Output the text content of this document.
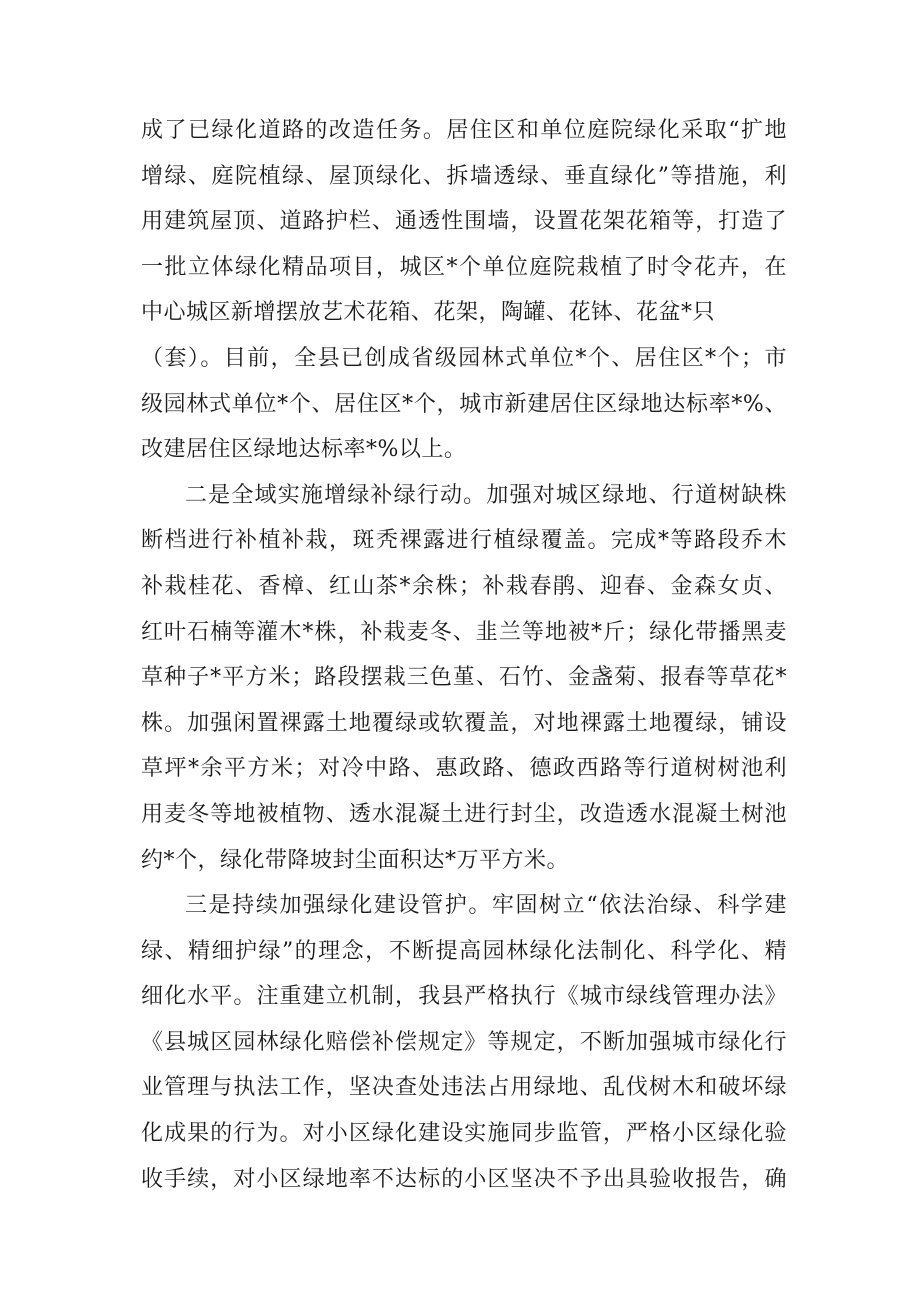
成了已绿化道路的改造任务。居住区和单位庭院绿化采取“扩地
增绿、庭院植绿、屋顶绿化、拆墙透绿、垂直绿化”等措施，利
用建筑屋顶、道路护栏、通透性围墙，设置花架花箱等，打造了
一批立体绿化精品项目，城区*个单位庭院栽植了时令花卉，在
中心城区新增摆放艺术花箱、花架，陶罐、花钵、花盆*只
（套）。目前，全县已创成省级园林式单位*个、居住区*个；市
级园林式单位*个、居住区*个，城市新建居住区绿地达标率*%、
改建居住区绿地达标率*%以上。
二是全域实施增绿补绿行动。加强对城区绿地、行道树缺株
断档进行补植补栽，斑秃裸露进行植绿覆盖。完成*等路段乔木
补栽桂花、香樟、红山茶*余株；补栽春鹃、迎春、金森女贞、
红叶石楠等灌木*株，补栽麦冬、韭兰等地被*斤；绿化带播黑麦
草种子*平方米；路段摆栽三色堇、石竹、金盏菊、报春等草花*
株。加强闲置裸露土地覆绿或软覆盖，对地裸露土地覆绿，铺设
草坪*余平方米；对冷中路、惠政路、德政西路等行道树树池利
用麦冬等地被植物、透水混凝土进行封尘，改造透水混凝土树池
约*个，绿化带降坡封尘面积达*万平方米。
三是持续加强绿化建设管护。牢固树立“依法治绿、科学建
绿、精细护绿”的理念，不断提高园林绿化法制化、科学化、精
细化水平。注重建立机制，我县严格执行《城市绿线管理办法》
《县城区园林绿化赔偿补偿规定》等规定，不断加强城市绿化行
业管理与执法工作，坚决查处违法占用绿地、乱伐树木和破坏绿
化成果的行为。对小区绿化建设实施同步监管，严格小区绿化验
收手续，对小区绿地率不达标的小区坚决不予出具验收报告，确
